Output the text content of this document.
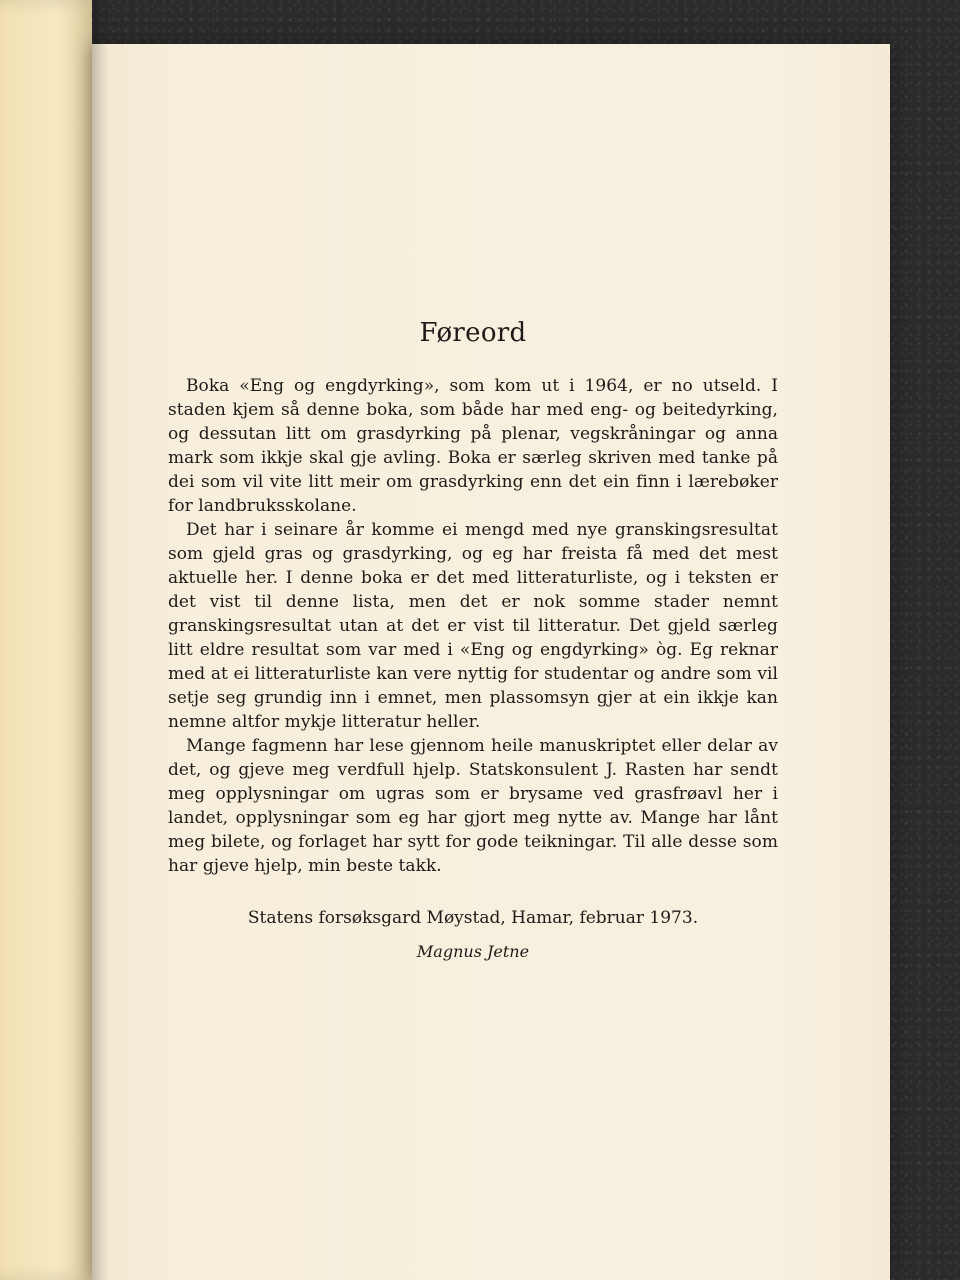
Føreord

Boka «Eng og engdyrking», som kom ut i 1964, er no utseld. I staden kjem så denne boka, som både har med eng- og beitedyrking, og dessutan litt om grasdyrking på plenar, vegskråningar og anna mark som ikkje skal gje avling. Boka er særleg skriven med tanke på dei som vil vite litt meir om grasdyrking enn det ein finn i lærebøker for landbruksskolane.

Det har i seinare år komme ei mengd med nye granskingsresultat som gjeld gras og grasdyrking, og eg har freista få med det mest aktuelle her. I denne boka er det med litteraturliste, og i teksten er det vist til denne lista, men det er nok somme stader nemnt granskingsresultat utan at det er vist til litteratur. Det gjeld særleg litt eldre resultat som var med i «Eng og engdyrking» òg. Eg reknar med at ei litteraturliste kan vere nyttig for studentar og andre som vil setje seg grundig inn i emnet, men plassomsyn gjer at ein ikkje kan nemne altfor mykje litteratur heller.

Mange fagmenn har lese gjennom heile manuskriptet eller delar av det, og gjeve meg verdfull hjelp. Statskonsulent J. Rasten har sendt meg opplysningar om ugras som er brysame ved grasfrøavl her i landet, opplysningar som eg har gjort meg nytte av. Mange har lånt meg bilete, og forlaget har sytt for gode teikningar. Til alle desse som har gjeve hjelp, min beste takk.

Statens forsøksgard Møystad, Hamar, februar 1973.
Magnus Jetne
